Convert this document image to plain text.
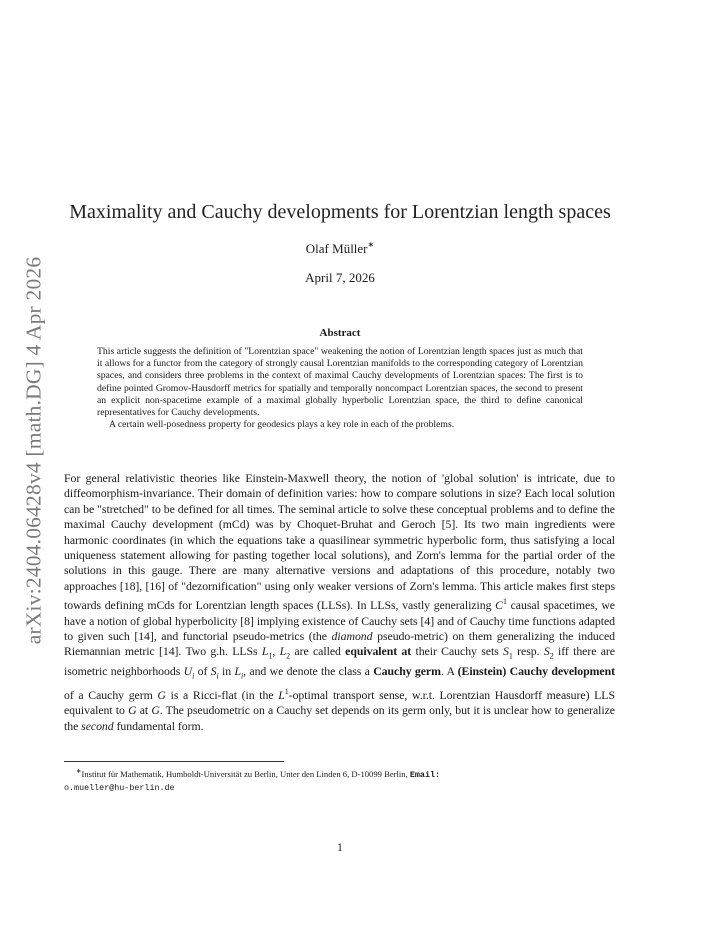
arXiv:2404.06428v4 [math.DG] 4 Apr 2026
Maximality and Cauchy developments for Lorentzian length spaces
Olaf Müller∗
April 7, 2026
Abstract

This article suggests the definition of "Lorentzian space" weakening the notion of Lorentzian length spaces just as much that it allows for a functor from the category of strongly causal Lorentzian manifolds to the corresponding category of Lorentzian spaces, and considers three problems in the context of maximal Cauchy developments of Lorentzian spaces: The first is to define pointed Gromov-Hausdorff metrics for spatially and temporally noncompact Lorentzian spaces, the second to present an explicit non-spacetime example of a maximal globally hyperbolic Lorentzian space, the third to define canonical representatives for Cauchy developments.

A certain well-posedness property for geodesics plays a key role in each of the problems.

For general relativistic theories like Einstein-Maxwell theory, the notion of 'global solution' is intricate, due to diffeomorphism-invariance. Their domain of definition varies: how to compare solutions in size? Each local solution can be "stretched" to be defined for all times. The seminal article to solve these conceptual problems and to define the maximal Cauchy development (mCd) was by Choquet-Bruhat and Geroch [5]. Its two main ingredients were harmonic coordinates (in which the equations take a quasilinear symmetric hyperbolic form, thus satisfying a local uniqueness statement allowing for pasting together local solutions), and Zorn's lemma for the partial order of the solutions in this gauge. There are many alternative versions and adaptations of this procedure, notably two approaches [18], [16] of "dezornification" using only weaker versions of Zorn's lemma. This article makes first steps towards defining mCds for Lorentzian length spaces (LLSs). In LLSs, vastly generalizing $C^1$ causal spacetimes, we have a notion of global hyperbolicity [8] implying existence of Cauchy sets [4] and of Cauchy time functions adapted to given such [14], and functorial pseudo-metrics (the diamond pseudo-metric) on them generalizing the induced Riemannian metric [14]. Two g.h. LLSs $L_1$, $L_2$ are called equivalent at their Cauchy sets $S_1$ resp. $S_2$ iff there are isometric neighborhoods $U_i$ of $S_i$ in $L_i$, and we denote the class a Cauchy germ. A (Einstein) Cauchy development of a Cauchy germ G is a Ricci-flat (in the $L^1$-optimal transport sense, w.r.t. Lorentzian Hausdorff measure) LLS equivalent to G at G. The pseudometric on a Cauchy set depends on its germ only, but it is unclear how to generalize the second fundamental form.
∗Institut für Mathematik, Humboldt-Universität zu Berlin, Unter den Linden 6, D-10099 Berlin, Email:
o.mueller@hu-berlin.de
1
